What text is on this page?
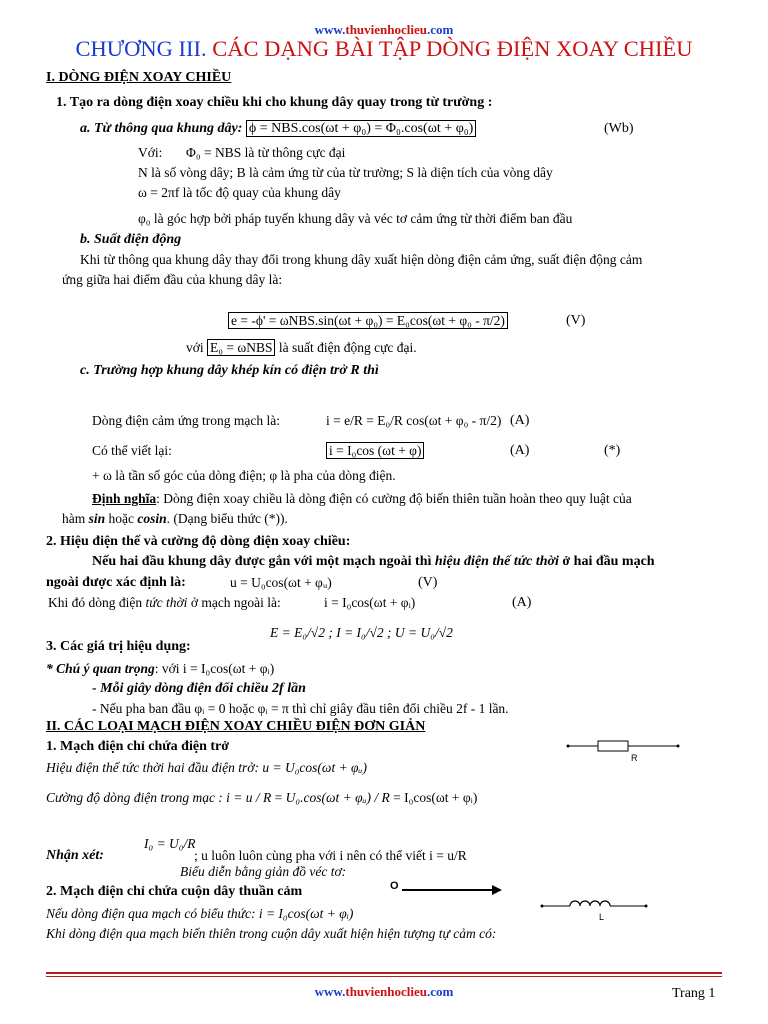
www.thuvienhoclieu.com
CHƯƠNG III. CÁC DẠNG BÀI TẬP DÒNG ĐIỆN XOAY CHIỀU
I. DÒNG ĐIỆN XOAY CHIỀU
1. Tạo ra dòng điện xoay chiều khi cho khung dây quay trong từ trường :
a. Từ thông qua khung dây: ϕ = NBS.cos(ωt + φ₀) = Φ₀.cos(ωt + φ₀)	(Wb)
Với: Φ₀ = NBS là từ thông cực đại
N là số vòng dây; B là cảm ứng từ của từ trường; S là diện tích của vòng dây
ω = 2πf là tốc độ quay của khung dây
φ₀ là góc hợp bởi pháp tuyến khung dây và véc tơ cảm ứng từ thời điểm ban đầu
b. Suất điện động
Khi từ thông qua khung dây thay đổi trong khung dây xuất hiện dòng điện cảm ứng, suất điện động cảm
ứng giữa hai điểm đầu của khung dây là:
e = -ϕ' = ωNBS.sin(ωt + φ₀) = E₀cos(ωt + φ₀ - π/2)	(V)
với E₀ = ωNBS là suất điện động cực đại.
c. Trường hợp khung dây khép kín có điện trở R thì
Dòng điện cảm ứng trong mạch là:	i = e/R = E₀/R cos(ωt + φ₀ - π/2) (A)
Có thể viết lại:	i = I₀cos (ωt + φ)	(A)	(*)
+ ω là tần số góc của dòng điện; φ là pha của dòng điện.
Định nghĩa: Dòng điện xoay chiều là dòng điện có cường độ biến thiên tuần hoàn theo quy luật của
hàm sin hoặc cosin. (Dạng biểu thức (*)).
2. Hiệu điện thế và cường độ dòng điện xoay chiều:
Nếu hai đầu khung dây được gắn với một mạch ngoài thì hiệu điện thế tức thời ở hai đầu mạch
ngoài được xác định là:	u = U₀cos(ωt + φᵤ)	(V)
Khi đó dòng điện tức thời ở mạch ngoài là:	i = I₀cos(ωt + φᵢ)	(A)
3. Các giá trị hiệu dụng:
E = E₀/√2 ; I = I₀/√2 ; U = U₀/√2
* Chú ý quan trọng: với i = I₀cos(ωt + φᵢ)
- Mỗi giây dòng điện đổi chiều 2f lần
- Nếu pha ban đầu φᵢ = 0 hoặc φᵢ = π thì chỉ giây đầu tiên đổi chiều 2f - 1 lần.
II. CÁC LOẠI MẠCH ĐIỆN XOAY CHIỀU ĐIỆN ĐƠN GIẢN
1. Mạch điện chỉ chứa điện trở
R
Hiệu điện thế tức thời hai đầu điện trở: u = U₀cos(ωt + φᵤ)
Cường độ dòng điện trong mạc : i = u / R = U₀.cos(ωt + φᵤ) / R = I₀cos(ωt + φᵢ)
Nhận xét:
I₀ = U₀/R
; u luôn luôn cùng pha với i nên có thể viết i = u/R
Biểu diễn bằng giản đồ véc tơ:
2. Mạch điện chỉ chứa cuộn dây thuần cảm	O
L
Nếu dòng điện qua mạch có biểu thức: i = I₀cos(ωt + φᵢ)
Khi dòng điện qua mạch biến thiên trong cuộn dây xuất hiện hiện tượng tự cảm có:
www.thuvienhoclieu.com	Trang 1
